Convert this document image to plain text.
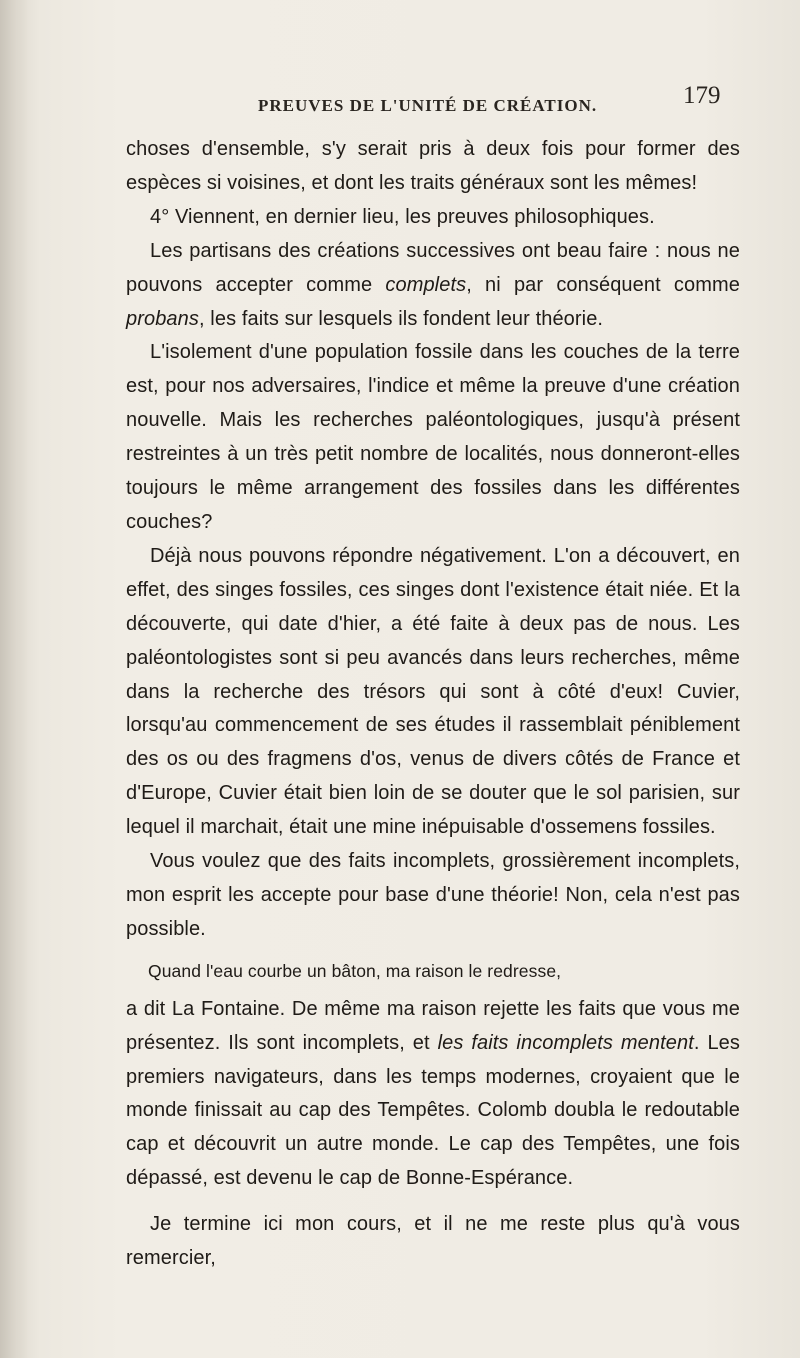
PREUVES DE L'UNITÉ DE CRÉATION.	179

choses d'ensemble, s'y serait pris à deux fois pour former des espèces si voisines, et dont les traits généraux sont les mêmes!

4° Viennent, en dernier lieu, les preuves philosophiques.

Les partisans des créations successives ont beau faire : nous ne pouvons accepter comme complets, ni par conséquent comme probans, les faits sur lesquels ils fondent leur théorie.

L'isolement d'une population fossile dans les couches de la terre est, pour nos adversaires, l'indice et même la preuve d'une création nouvelle. Mais les recherches paléontologiques, jusqu'à présent restreintes à un très petit nombre de localités, nous donneront-elles toujours le même arrangement des fossiles dans les différentes couches?

Déjà nous pouvons répondre négativement. L'on a découvert, en effet, des singes fossiles, ces singes dont l'existence était niée. Et la découverte, qui date d'hier, a été faite à deux pas de nous. Les paléontologistes sont si peu avancés dans leurs recherches, même dans la recherche des trésors qui sont à côté d'eux! Cuvier, lorsqu'au commencement de ses études il rassemblait péniblement des os ou des fragmens d'os, venus de divers côtés de France et d'Europe, Cuvier était bien loin de se douter que le sol parisien, sur lequel il marchait, était une mine inépuisable d'ossemens fossiles.

Vous voulez que des faits incomplets, grossièrement incomplets, mon esprit les accepte pour base d'une théorie! Non, cela n'est pas possible.

Quand l'eau courbe un bâton, ma raison le redresse,

a dit La Fontaine. De même ma raison rejette les faits que vous me présentez. Ils sont incomplets, et les faits incomplets mentent. Les premiers navigateurs, dans les temps modernes, croyaient que le monde finissait au cap des Tempêtes. Colomb doubla le redoutable cap et découvrit un autre monde. Le cap des Tempêtes, une fois dépassé, est devenu le cap de Bonne-Espérance.

Je termine ici mon cours, et il ne me reste plus qu'à vous remercier,
